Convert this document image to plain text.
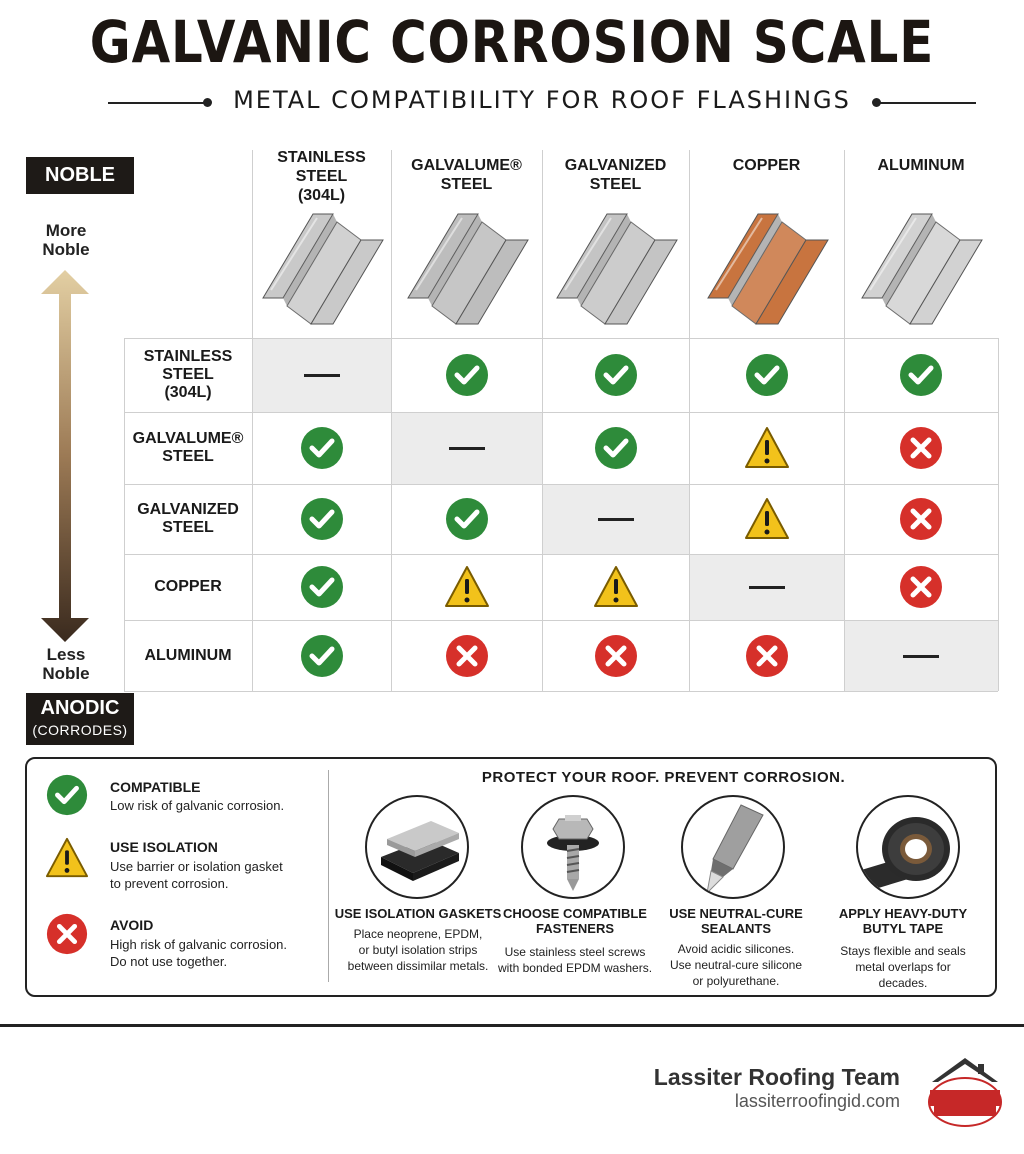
GALVANIC CORROSION SCALE
METAL COMPATIBILITY FOR ROOF FLASHINGS
NOBLE
More
Noble
Less
Noble
ANODIC
(CORRODES)
STAINLESS
STEEL
(304L)
GALVALUME®
STEEL
GALVANIZED
STEEL
COPPER	ALUMINUM
STAINLESS
STEEL
(304L)
GALVALUME®
STEEL
GALVANIZED
STEEL
COPPER
ALUMINUM
COMPATIBLE
Low risk of galvanic corrosion.
USE ISOLATION
Use barrier or isolation gasket
to prevent corrosion.
AVOID
High risk of galvanic corrosion.
Do not use together.
PROTECT YOUR ROOF. PREVENT CORROSION.
USE ISOLATION GASKETS
Place neoprene, EPDM,
or butyl isolation strips
between dissimilar metals.
CHOOSE COMPATIBLE
FASTENERS
Use stainless steel screws
with bonded EPDM washers.
USE NEUTRAL-CURE
SEALANTS
Avoid acidic silicones.
Use neutral-cure silicone
or polyurethane.
APPLY HEAVY-DUTY
BUTYL TAPE
Stays flexible and seals
metal overlaps for
decades.
Lassiter Roofing Team
lassiterroofingid.com
